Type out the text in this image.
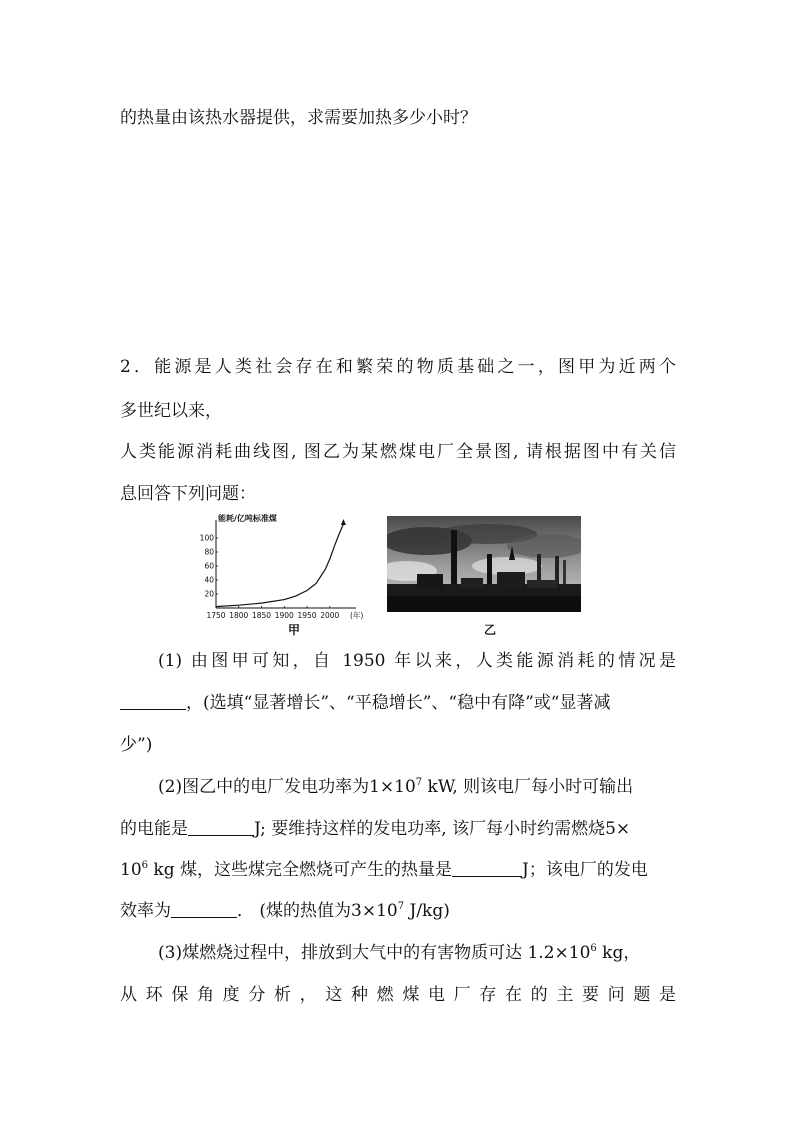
的热量由该热水器提供，求需要加热多少小时？
2．能源是人类社会存在和繁荣的物质基础之一，图甲为近两个
多世纪以来，
人类能源消耗曲线图, 图乙为某燃煤电厂全景图, 请根据图中有关信
息回答下列问题：
1750 1800 1850 1900 1950 2000
20
40
60
80
100
能耗/亿吨标准煤
(年)
甲	乙
(1) 由图甲可知，自 1950 年以来，人类能源消耗的情况是
，(选填“显著增长”、“平稳增长”、“稳中有降”或“显著减
少”)
(2)图乙中的电厂发电功率为$1\times 10^7$ kW, 则该电厂每小时可输出
的电能是	J; 要维持这样的发电功率, 该厂每小时约需燃烧5×
$10^6$ kg 煤，这些煤完全燃烧可产生的热量是	J；该电厂的发电
效率为	． (煤的热值为$3\times 10^7$ J/kg)
(3)煤燃烧过程中，排放到大气中的有害物质可达 $1.2\times 10^6$ kg，
从环保角度分析，这种燃煤电厂存在的主要问题是
